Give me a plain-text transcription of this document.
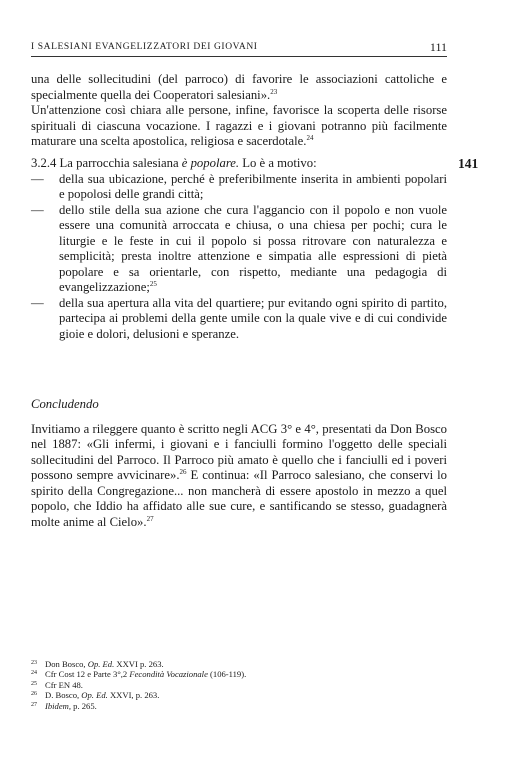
I SALESIANI EVANGELIZZATORI DEI GIOVANI	111
141

una delle sollecitudini (del parroco) di favorire le associazioni cattoliche e specialmente quella dei Cooperatori salesiani».$^{23}$

Un'attenzione così chiara alle persone, infine, favorisce la scoperta delle risorse spirituali di ciascuna vocazione. I ragazzi e i giovani potranno più facilmente maturare una scelta apostolica, religiosa e sacerdotale.$^{24}$

3.2.4 La parrocchia salesiana è popolare. Lo è a motivo:

— della sua ubicazione, perché è preferibilmente inserita in ambienti popolari e popolosi delle grandi città;
— dello stile della sua azione che cura l'aggancio con il popolo e non vuole essere una comunità arroccata e chiusa, o una chiesa per pochi; cura le liturgie e le feste in cui il popolo si possa ritrovare con naturalezza e semplicità; presta inoltre attenzione e simpatia alle espressioni di pietà popolare e sa orientarle, con rispetto, mediante una pedagogia di evangelizzazione;$^{25}$
— della sua apertura alla vita del quartiere; pur evitando ogni spirito di partito, partecipa ai problemi della gente umile con la quale vive e di cui condivide gioie e dolori, delusioni e speranze.

Concludendo

Invitiamo a rileggere quanto è scritto negli ACG 3° e 4°, presentati da Don Bosco nel 1887: «Gli infermi, i giovani e i fanciulli formino l'oggetto delle speciali sollecitudini del Parroco. Il Parroco più amato è quello che i fanciulli ed i poveri possono sempre avvicinare».$^{26}$ E continua: «Il Parroco salesiano, che conservi lo spirito della Congregazione... non mancherà di essere apostolo in mezzo a quel popolo, che Iddio ha affidato alle sue cure, e santificando se stesso, guadagnerà molte anime al Cielo».$^{27}$

23 Don Bosco, Op. Ed. XXVI p. 263.
24 Cfr Cost 12 e Parte 3°,2 Fecondità Vocazionale (106-119).
25 Cfr EN 48.
26 D. Bosco, Op. Ed. XXVI, p. 263.
27 Ibidem, p. 265.
